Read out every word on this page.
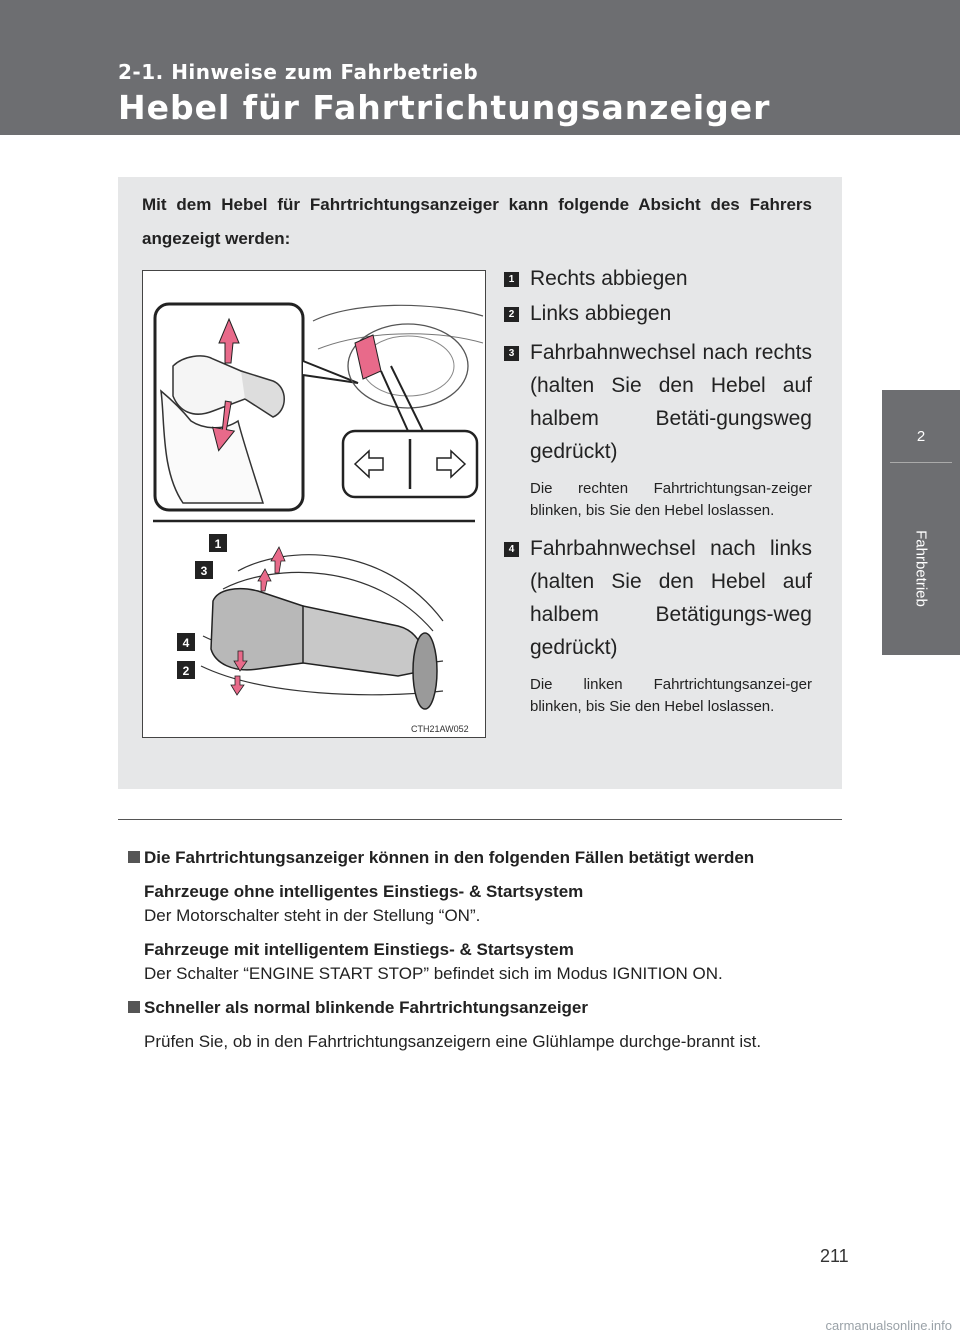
2-1. Hinweise zum Fahrbetrieb
Hebel für Fahrtrichtungsanzeiger
2
Fahrbetrieb
Mit dem Hebel für Fahrtrichtungsanzeiger kann folgende Absicht des Fahrers angezeigt werden:
1
3
4
2
CTH21AW052
1 Rechts abbiegen

2 Links abbiegen

3 Fahrbahnwechsel nach rechts (halten Sie den Hebel auf halbem Betäti-gungsweg gedrückt)

Die rechten Fahrtrichtungsan-zeiger blinken, bis Sie den Hebel loslassen.

4 Fahrbahnwechsel nach links (halten Sie den Hebel auf halbem Betätigungs-weg gedrückt)

Die linken Fahrtrichtungsanzei-ger blinken, bis Sie den Hebel loslassen.

Die Fahrtrichtungsanzeiger können in den folgenden Fällen betätigt werden

Fahrzeuge ohne intelligentes Einstiegs- & Startsystem

Der Motorschalter steht in der Stellung “ON”.

Fahrzeuge mit intelligentem Einstiegs- & Startsystem

Der Schalter “ENGINE START STOP” befindet sich im Modus IGNITION ON.

Schneller als normal blinkende Fahrtrichtungsanzeiger

Prüfen Sie, ob in den Fahrtrichtungsanzeigern eine Glühlampe durchge-brannt ist.

211
carmanualsonline.info
